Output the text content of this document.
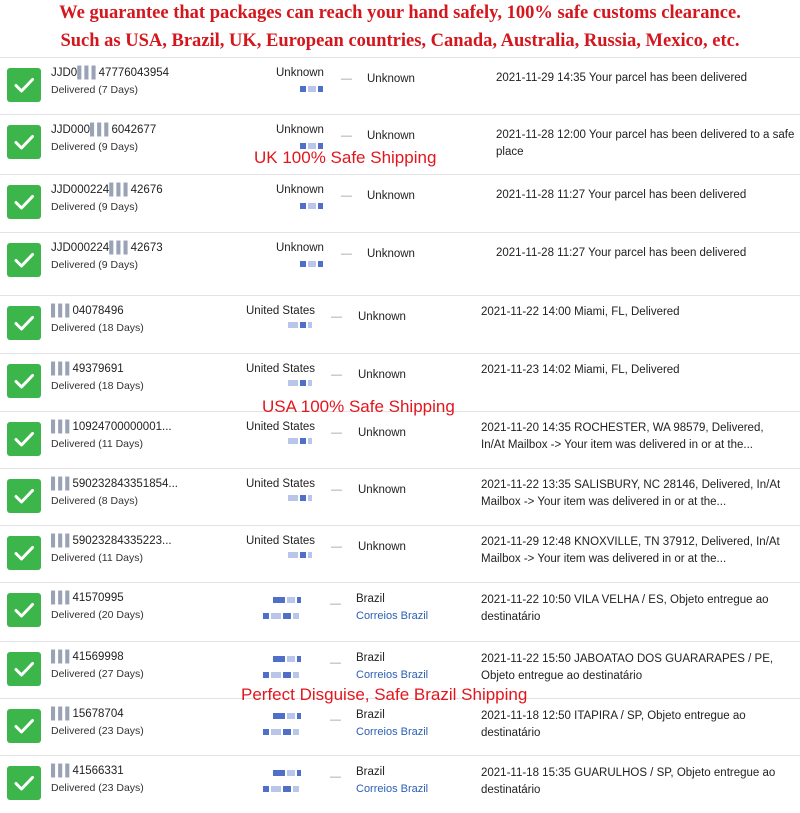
We guarantee that packages can reach your hand safely, 100% safe customs clearance.
Such as USA, Brazil, UK, European countries, Canada, Australia, Russia, Mexico, etc.
JJD0▌▌▌47776043954
Delivered (7 Days)
Unknown — Unknown	2021-11-29 14:35 Your parcel has been delivered
JJD000▌▌▌6042677
Delivered (9 Days)
Unknown — Unknown	2021-11-28 12:00 Your parcel has been delivered to a safe place
JJD000224▌▌▌42676
Delivered (9 Days)
Unknown — Unknown	2021-11-28 11:27 Your parcel has been delivered
JJD000224▌▌▌42673
Delivered (9 Days)
Unknown — Unknown	2021-11-28 11:27 Your parcel has been delivered
▌▌▌04078496
Delivered (18 Days)
United States — Unknown	2021-11-22 14:00 Miami, FL, Delivered
▌▌▌49379691
Delivered (18 Days)
United States — Unknown	2021-11-23 14:02 Miami, FL, Delivered
▌▌▌10924700000001...
Delivered (11 Days)
United States — Unknown	2021-11-20 14:35 ROCHESTER, WA 98579, Delivered, In/At Mailbox -> Your item was delivered in or at the...
▌▌▌590232843351854...
Delivered (8 Days)
United States — Unknown	2021-11-22 13:35 SALISBURY, NC 28146, Delivered, In/At Mailbox -> Your item was delivered in or at the...
▌▌▌59023284335223...
Delivered (11 Days)
United States — Unknown	2021-11-29 12:48 KNOXVILLE, TN 37912, Delivered, In/At Mailbox -> Your item was delivered in or at the...
▌▌▌41570995
Delivered (20 Days)
— Brazil
Correios Brazil
2021-11-22 10:50 VILA VELHA / ES, Objeto entregue ao destinatário
▌▌▌41569998
Delivered (27 Days)
— Brazil
Correios Brazil
2021-11-22 15:50 JABOATAO DOS GUARARAPES / PE, Objeto entregue ao destinatário
▌▌▌15678704
Delivered (23 Days)
— Brazil
Correios Brazil
2021-11-18 12:50 ITAPIRA / SP, Objeto entregue ao destinatário
▌▌▌41566331
Delivered (23 Days)
— Brazil
Correios Brazil
2021-11-18 15:35 GUARULHOS / SP, Objeto entregue ao destinatário
UK 100% Safe Shipping
USA 100% Safe Shipping
Perfect Disguise, Safe Brazil Shipping
